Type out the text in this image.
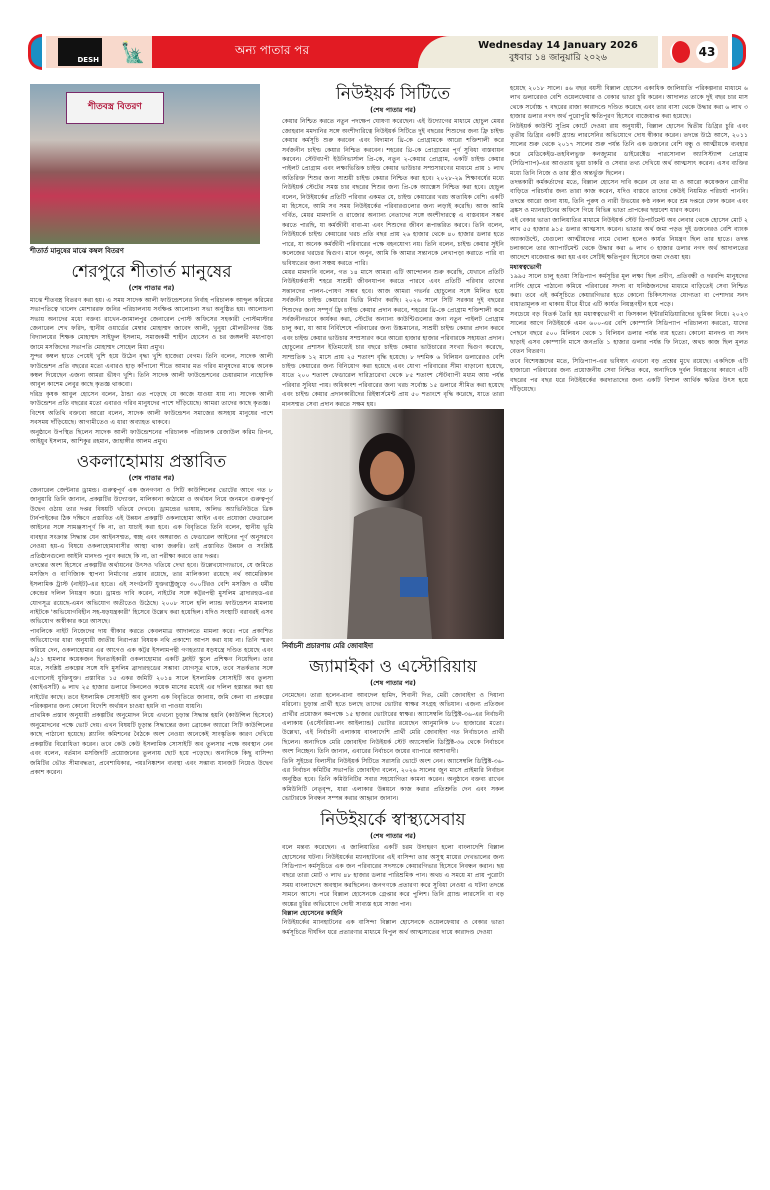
DESH 🗽	অন্য পাতার পর	Wednesday 14 January 2026
বুধবার ১৪ জানুয়ারি ২০২৬	43
শীতবস্ত্র বিতরণ
শীতার্ত মানুষের মাঝে কম্বল বিতরণ
শেরপুরে শীতার্ত মানুষের
(শেষ পাতার পর)

মাঝে শীতবস্ত্র বিতরণ করা হয়। এ সময় সাদেক আলী ফাউন্ডেশনের নির্বাহ পরিচালক আব্দুল করিমের সভাপতিত্বে খালেদ মোশাররফ জনির পরিচালনায় সংক্ষিপ্ত আলোচনা সভা অনুষ্ঠিত হয়। আলোচনা সভায় অন্যদের মধ্যে বক্তব্য রাখেন-জামালপুর জেনারেল পোস্ট অফিসের সহকারী পোস্টমাস্টার জেনারেল শেখ ফরিদ, স্থানীয় ওয়ার্ডের মেম্বার মোহাম্মদ জাবেদ আলী, খুনুয়া মৌলভীনগর উচ্চ বিদ্যালয়ের শিক্ষক মোহাম্মদ সাইফুল ইসলাম, সমাজকর্মী শাহীন হোসেন ও চর জঙ্গলদী মধ্যপাড়া জামে মসজিদের সভাপতি মোহাম্মদ সোহেল মিয়া প্রমুখ।

সুন্দর কম্বল হাতে পেয়েই খুশি হয়ে উঠেন বৃদ্ধা খুশি হাজেরা বেগম। তিনি বলেন, সাদেক আলী ফাউন্ডেশন প্রতি বছরের মতো এবারও হাড় কাঁপানো শীতে আমার মত গরিব মানুষদের মাঝে অনেক কম্বল দিয়েছেন এজন্য আমরা ভীষণ খুশি। তিনি সাদেক আলী ফাউন্ডেশনের চেয়ারম্যান নাহোদিক আবুল কাশেম লেবুর কাছে কৃতজ্ঞ থাকবো।

দরিদ্র কৃষক আবুল হোসেন বলেন, ঠান্ডা এত পড়েছে যে কাজে যাওয়া যায় না। সাদেক আলী ফাউন্ডেশন প্রতি বছরের মতো এবারও গরিব মানুষদের পাশে দাঁড়িয়েছে। আমরা তাদের কাছে কৃতজ্ঞ।

বিশেষ অতিথি বক্তব্যে আরো বলেন, সাদেক আলী ফাউন্ডেশন সমাজের অসহায় মানুষের পাশে সবসময় দাঁড়িয়েছে। আগামীতেও এ ধারা অব্যাহত থাকবে।

অনুষ্ঠানে উপস্থিত ছিলেন সাদেক আলী ফাউন্ডেশনের পরিচালক পরিচালক রেজাউল করিম রিপন, আইয়ুব ইসলাম, আশিকুর রহমান, জাহাঙ্গীর আলম প্রমুখ।

ওকলাহোমায় প্রস্তাবিত
(শেষ পাতার পর)

জেনারেল জেন্টনার ড্রামন্ড। গুরুত্বপূর্ণ এক জনগণনা ও সিটি কাউন্সিলের ভোটের আগে গত ৮ জানুয়ারি তিনি জানান, প্রকল্পটির উদ্যোক্তা, মালিকানা কাঠামো ও অর্থায়ন নিয়ে জনমনে গুরুত্বপূর্ণ উদ্বেগ ওঠায় তার দপ্তর বিষয়টি খতিয়ে দেখবে। ড্রামন্ডের ভাষায়, অলিভ অ্যাভিনিউতে ত্রিক টার্নপাইকের ঠিক দক্ষিণে প্রস্তাবিত এই উন্নয়ন প্রকল্পটি ওকলাহোমা আইন এবং প্রযোজ্য ফেডারেল আইনের সঙ্গে সামঞ্জস্যপূর্ণ কি না, তা যাচাই করা হবে। এক বিবৃতিতে তিনি বলেন, স্থানীয় ভূমি ব্যবহার সংক্রান্ত সিদ্ধান্ত যেন আইনসম্মত, স্বচ্ছ এবং অঙ্গরাজ্য ও ফেডারেল আইনের পূর্ণ অনুসরণে নেওয়া হয়-এ বিষয়ে ওকলাহোমাবাসীর আস্থা থাকা জরুরি। তাই প্রস্তাবিত উন্নয়ন ও সংশ্লিষ্ট প্রতিষ্ঠানগুলো আইনি মানদণ্ড পূরণ করছে কি না, তা পরীক্ষা করবে তার দপ্তর।

তদন্তের অংশ হিসেবে প্রকল্পটির অর্থায়নের উৎসও খতিয়ে দেখা হবে। উল্লেখযোগ্যভাবে, যে জমিতে মসজিদ ও বাণিজ্যিক স্থাপনা নির্মাণের প্রস্তাব রয়েছে, তার মালিকানা রয়েছে নর্থ আমেরিকান ইসলামিক ট্রাস্ট (নাইট)-এর হাতে। এই সংগঠনটি যুক্তরাষ্ট্রজুড়ে ৩০০টিরও বেশি মসজিদ ও ধর্মীয় কেন্দ্রের দলিল নিয়ন্ত্রণ করে। ড্রামন্ড দাবি করেন, নাইটের সঙ্গে কট্টরপন্থী মুসলিম ব্রাদারহুড-এর যোগসূত্র রয়েছে-এমন অভিযোগ অতীতেও উঠেছে। ২০০৮ সালে হলি ল্যান্ড ফাউন্ডেশন মামলায় নাইটকে 'অভিযোগবিহীন সহ-ষড়যন্ত্রকারী' হিসেবে উল্লেখ করা হয়েছিল। যদিও সংস্থাটি বরাবরই এসব অভিযোগ অস্বীকার করে আসছে।

পাবলিকে নাইট নিজেদের দায় স্বীকার করতে কেবলমাত্র আদালতে মামলা করে। পরে প্রকাশিত অভিযোগের ধারা অনুযায়ী জাতীয় নিরাপত্তা বিষয়ক নথি প্রকাশ্যে আপস করা যায় না। তিনি স্মরণ করিয়ে দেন, ওকলাহোমার এর আগেও এক কট্টর ইসলামপন্থী গণহত্যার ষড়যন্ত্রে দণ্ডিত হয়েছে এবং ৯/১১ হামলার কয়েকজন ছিনতাইকারী ওকলাহোমার একটি ফ্লাইট স্কুলে প্রশিক্ষণ নিয়েছিল। তার মতে, সংশ্লিষ্ট প্রকল্পের সঙ্গে যদি মুসলিম ব্রাদারহুডের সম্ভাব্য যোগসূত্র থাকে, তবে সতর্কতার সঙ্গে এগোনোই যুক্তিযুক্ত। প্রস্তাবিত ১৫ একর জমিটি ২০১৪ সালে ইসলামিক সোসাইটি অব তুলসা (আইএসটি) ৬ লাখ ২৫ হাজার ডলারে কিনলেও কয়েক মাসের মধ্যেই এর দলিল হস্তান্তর করা হয় নাইটের কাছে। তবে ইসলামিক সোসাইটি অব তুলসা এক বিবৃতিতে জানায়, জমি কেনা বা প্রকল্পের পরিকল্পনার জন্য কোনো বিদেশি অর্থায়ন চাওয়া হয়নি বা পাওয়া যায়নি।

প্রাথমিক প্রস্তাব অনুযায়ী প্রকল্পটির অনুমোদন নিয়ে এখনো চূড়ান্ত সিদ্ধান্ত হয়নি (কাউন্সিল হিসেবে) অনুমোদনের পক্ষে ভোট দেয়। এখন বিষয়টি চূড়ান্ত সিদ্ধান্তের জন্য ব্রোকেন অ্যারো সিটি কাউন্সিলের কাছে পাঠানো হয়েছে। প্ল্যানিং কমিশনের বৈঠকে অংশ নেওয়া অনেকেই সাংস্কৃতিক কারণ দেখিয়ে প্রকল্পটির বিরোধিতা করেন। তবে কেউ কেউ ইসলামিক সোসাইটি অব তুলসার পক্ষে অবস্থান নেন এবং বলেন, বর্তমান মসজিদটি প্রয়োজনের তুলনায় ছোট হয়ে পড়েছে। অন্যদিকে কিছু বাসিন্দা জমিটির ভৌত সীমাবদ্ধতা, প্রবেশাধিকার, পয়ঃনিষ্কাশন ব্যবস্থা এবং সম্ভাব্য যানজট নিয়েও উদ্বেগ প্রকাশ করেন।

নিউইয়র্ক সিটিতে
(শেষ পাতার পর)

কেয়ার নিশ্চিত করতে নতুন পদক্ষেপ ঘোষণা করেছেন। এই উদ্যোগের মাধ্যমে হোচুল মেয়র জোহরান মমদানির সঙ্গে অংশীদারিত্বে নিউইয়র্ক সিটিতে দুই বছরের শিশুদের জন্য ফ্রি চাইল্ড কেয়ার কর্মসূচি শুরু করবেন এবং বিদ্যমান থ্রি-কে প্রোগ্রামকে আরো শক্তিশালী করে সর্বজনীন চাইল্ড কেয়ার নিশ্চিত করবেন। শহরের থ্রি-কে প্রোগ্রামের পূর্ণ সুবিধা বাস্তবায়ন করবেন। স্টেটব্যাপী ইউনিভার্সাল প্রি-কে, নতুন ২-কেয়ার প্রোগ্রাম, একটি চাইল্ড কেয়ার পাইলট প্রোগ্রাম এবং লক্ষ্যভিত্তিক চাইল্ড কেয়ার ভাউচার সম্প্রসারণের মাধ্যমে প্রায় ১ লাখ অতিরিক্ত শিশুর জন্য সাশ্রয়ী চাইল্ড কেয়ার নিশ্চিত করা হবে। ২০২৮-২৯ শিক্ষাবর্ষের মধ্যে নিউইয়র্ক স্টেটের সমস্ত চার বছরের শিশুর জন্য প্রি-কে অ্যাক্সেস নিশ্চিত করা হবে। হোচুল বলেন, নিউইয়র্কের প্রতিটি পরিবার একমত যে, চাইল্ড কেয়ারের খরচ অত্যধিক বেশি। একটি মা হিসেবে, আমি সব সময় নিউইয়র্কের পরিবারগুলোর জন্য লড়াই করেছি। আজ আমি গর্বিত, মেয়র মামদানি ও রাজ্যের অন্যান্য নেতাদের সঙ্গে অংশীদারত্বে এ বাস্তবায়ন সম্ভব করতে পারছি, যা কর্মজীবী বাবা-মা এবং শিশুদের জীবন রূপান্তরিত করবে। তিনি বলেন, নিউইয়র্কে চাইল্ড কেয়ারের খরচ প্রতি বছর প্রায় ২৬ হাজার থেকে ৪০ হাজার ডলার হতে পারে, যা অনেক কর্মজীবী পরিবারের পক্ষে বহনযোগ্য নয়। তিনি বলেন, চাইল্ড কেয়ার সুইনি কলেজের খরচের দ্বিগুণ। মানে অনুন, আমি কি আমার সন্তানকে লেখাপড়া করাতে পারি বা ভবিষ্যতের জন্য সঞ্চয় করতে পারি।

মেয়র মামদানি বলেন, গত ১৪ মাসে আমরা এটি আন্দোলন শুরু করেছি, যেখানে প্রতিটি নিউইয়র্কবাসী শহরে সাশ্রয়ী জীবনযাপন করতে পারবে এবং প্রতিটি পরিবার তাদের সন্তানদের পালন-পোষণ সম্ভব হবে। আজ আমরা গভর্নর হোচুলের সঙ্গে মিলিত হয়ে সর্বজনীন চাইল্ড কেয়ারের ভিত্তি নির্মাণ করছি। ২০২৬ সালে সিটি সরকার দুই বছরের শিশুদের জন্য সম্পূর্ণ ফ্রি চাইল্ড কেয়ার প্রদান করবে, শহরের থ্রি-কে প্রোগ্রাম শক্তিশালী করে সর্বজনীনভাবে কার্যকর করা, স্টেটের অন্যান্য কাউন্টিগুলোর জন্য নতুন পাইলট প্রোগ্রাম চালু করা, যা আয় নির্বিশেষে পরিবারের জন্য উচ্চমানের, সাশ্রয়ী চাইল্ড কেয়ার প্রদান করবে এবং চাইল্ড কেয়ার ভাউচার সম্প্রসারণ করে আরো হাজার হাজার পরিবারকে সহায়তা প্রদান।

হোচুলের প্রশাসন ইতিমধ্যেই চার বছরে চাইল্ড কেয়ার ভাউচারের সংখ্যা দ্বিগুণ করেছে, সাম্প্রতিক ১২ মাসে প্রায় ২৫ শতাংশ বৃদ্ধি হয়েছে। ৮ দশমিক ৬ বিলিয়ন ডলারেরও বেশি চাইল্ড কেয়ারের জন্য বিনিয়োগ করা হয়েছে এবং যোগ্য পরিবারের সীমা বাড়ানো হয়েছে, যাতে ২০০ শতাংশ ফেডারেল দারিদ্র্যরেখা থেকে ৮৫ শতাংশ স্টেটব্যাপী মধ্যম আয় পর্যন্ত পরিবার সুবিধা পায়। অধিকাংশ পরিবারের জন্য খরচ সর্বোচ্চ ১৫ ডলারে সীমিত করা হয়েছে এবং চাইল্ড কেয়ার প্রদানকারীদের রিইম্বার্সমেন্ট প্রায় ৫০ শতাংশে বৃদ্ধি করেছে, যাতে তারা মানসম্মত সেবা প্রদান করতে সক্ষম হয়।

নির্বাচনী প্রচারণায় মেরি জোবাইদা
জ্যামাইকা ও এস্টোরিয়ায়
(শেষ পাতার পর)

নেমেছেন। তারা হলেন-রানা আবদেল হামিদ, শিবানী দিত, মেরী জোবাইদা ও দিয়ানা মরিনো। চূড়ান্ত প্রার্থী হতে চলছে তাদের ভোটার স্বাক্ষর সংগ্রহ অভিযান। এজন্য প্রতিজন প্রার্থীর প্রয়োজন কমপক্ষে ১৫ হাজার ভোটারের স্বাক্ষর। অ্যাসেম্বলি ডিস্ট্রিক্ট-৩৬-এর নির্বাচনী এলাকায় (এস্টোরিয়া-লং আইল্যান্ড) ভোটার রয়েছেন আনুমানিক ৮০ হাজারের মতো। উল্লেখ্য, এই নির্বাচনী এলাকায় বাংলাদেশি প্রার্থী মেরি জোবাইদা গত নির্বাচনেও প্রার্থী ছিলেন। অন্যদিকে মেরি জোবাইদা নিউইয়র্ক স্টেট অ্যাসেম্বলি ডিস্ট্রিক্ট-৩৬ থেকে নির্বাচনে অংশ নিচ্ছেন। তিনি জানান, এবারের নির্বাচনে জয়ের ব্যাপারে আশাবাদী।

তিনি সুইচের বিলাসীর নিউইয়র্ক সিটিতে সরাসরি ভোটে অংশ নেন। অ্যাসেম্বলি ডিস্ট্রিক্ট-৩৬-এর নির্বাচন কমিটির সভাপতি জোবাইদা বলেন, ২০২৬ সালের জুন মাসে প্রাইমারি নির্বাচন অনুষ্ঠিত হবে। তিনি কমিউনিটির সবার সহযোগিতা কামনা করেন। অনুষ্ঠানে বক্তব্য রাখেন কমিউনিটি নেতৃবৃন্দ, যারা এলাকার উন্নয়নে কাজ করার প্রতিশ্রুতি দেন এবং সকল ভোটারকে নিবন্ধন সম্পন্ন করার আহ্বান জানান।

নিউইয়র্কে স্বাস্থ্যসেবায়
(শেষ পাতার পর)

বলে মন্তব্য করেছেন। এ জালিয়াতির একটি চরম উদাহরণ হলো বাংলাদেশি বিল্লাল হোসেনের ঘটনা। নিউইয়র্কের ম্যানহাটনের এই বাসিন্দা তার অসুস্থ মায়ের দেখভালের জন্য সিডিপ্যাপ কর্মসূচিতে এক জন পরিবারের সদস্যকে কেয়ারগিভার হিসেবে নিবন্ধন করান। ছয় বছরে তারা মোট ৩ লাখ ৪৮ হাজার ডলার পারিশ্রমিক পান। অথচ এ সময়ে মা প্রায় পুরোটা সময় বাংলাদেশে অবস্থান করছিলেন। জনগণকে প্রতারণা করে সুবিধা নেওয়া এ ঘটনা তদন্তে সামনে আসে। পরে বিল্লাল হোসেনকে গ্রেপ্তার করে পুলিশ। তিনি গ্র্যান্ড লারসেনি বা বড় অঙ্কের চুরির অভিযোগে দোষী সাব্যস্ত হয়ে সাজা পান।

বিল্লাল হোসেনের কাহিনি

নিউইয়র্কের ম্যানহাটনের এক বাসিন্দা বিল্লাল হোসেনকে ওয়েলফেয়ার ও বেকার ভাতা কর্মসূচিতে দীর্ঘদিন ধরে প্রতারণার মাধ্যমে বিপুল অর্থ আত্মসাতের দায়ে কারাদণ্ড দেওয়া

হয়েছে ২০১৮ সালে। ৪৬ বছর বয়সী বিল্লাল হোসেন একাধিক জালিয়াতি পরিকল্পনার মাধ্যমে ৬ লাখ ডলারেরও বেশি ওয়েলফেয়ার ও বেকার ভাতা চুরি করেন। আদালত তাকে দুই বছর চার মাস থেকে সর্বোচ্চ ৭ বছরের রাজ্য কারাদণ্ডে দণ্ডিত করেছে এবং তার বাসা থেকে উদ্ধার করা ৬ লাখ ৩ হাজার ডলার নগদ অর্থ পুরোপুরি ক্ষতিপূরণ হিসেবে বাজেয়াপ্ত করা হয়েছে।

নিউইয়র্ক কাউন্টি সুপ্রিম কোর্টে দেওয়া রায় অনুযায়ী, বিল্লাল হোসেন দ্বিতীয় ডিগ্রির চুরি এবং তৃতীয় ডিগ্রির একটি গ্র্যান্ড লারসেনির অভিযোগে দোষ স্বীকার করেন। তদন্তে উঠে আসে, ২০১১ সালের শুরু থেকে ২০১৭ সালের শুরু পর্যন্ত তিনি এক ডজনের বেশি বন্ধু ও আত্মীয়কে ব্যবহার করে মেডিকেইড-তহবিলভুক্ত কনজ্যুমার ডাইরেক্টেড পারসোনাল অ্যাসিস্ট্যান্স প্রোগ্রাম (সিডিপ্যাপ)-এর আওতায় ভুয়া চাকরি ও সেবার তথ্য দেখিয়ে অর্থ আত্মসাৎ করেন। এসব ব্যক্তির মধ্যে তিনি নিজে ও তার স্ত্রীও অন্তর্ভুক্ত ছিলেন।

তদন্তকারী কর্মকর্তাদের মতে, বিল্লাল হোসেন দাবি করেন যে তার মা ও আরো কয়েকজন রোগীর বাড়িতে পরিচর্যার জন্য তারা কাজ করেন, যদিও বাস্তবে তাদের কেউই নিয়মিত পরিচর্যা পাননি। তদন্তে আরো জানা যায়, তিনি পুরুষ ও নারী উভয়ের কণ্ঠ নকল করে শ্রম দপ্তরে ফোন করেন এবং ব্রঙ্কস ও ম্যানহাটনের অফিসে গিয়ে বিভিন্ন ভাতা প্রাপকের ছদ্মবেশ ধারণ করেন।

এই বেকার ভাতা জালিয়াতির মাধ্যমে নিউইয়র্ক স্টেট ডিপার্টমেন্ট অব লেবার থেকে হোসেন মোট ২ লাখ ৫৫ হাজার ৯১৫ ডলার আত্মসাৎ করেন। ভাতার অর্থ জমা পড়ত দুই ডজনেরও বেশি ব্যাংক অ্যাকাউন্টে, যেগুলো আত্মীয়দের নামে খোলা হলেও কার্যত নিয়ন্ত্রণ ছিল তার হাতে। তদন্ত চলাকালে তার অ্যাপার্টমেন্ট থেকে উদ্ধার করা ৬ লাখ ৩ হাজার ডলার নগদ অর্থ আদালতের আদেশে বাজেয়াপ্ত করা হয় এবং সেটিই ক্ষতিপূরণ হিসেবে জমা দেওয়া হয়।

মধ্যস্বত্বভোগী

১৯৯৫ সালে চালু হওয়া সিডিপ্যাপ কর্মসূচির মূল লক্ষ্য ছিল প্রবীণ, প্রতিবন্ধী ও দরবন্দি মানুষদের নার্সিং হোমে পাঠানো কমিয়ে পরিবারের সদস্য বা ঘনিষ্ঠজনদের মাধ্যমে বাড়িতেই সেবা নিশ্চিত করা। তবে এই কর্মসূচিতে কেয়ারগিভার হতে কোনো চিকিৎসাগত যোগ্যতা বা পেশাদার সনদ বাধ্যতামূলক না থাকায় ধীরে ধীরে এটি কার্যত নিয়ন্ত্রণহীন হয়ে পড়ে।

সবচেয়ে বড় বিতর্ক তৈরি হয় মধ্যস্বত্বভোগী বা ফিসকাল ইন্টারমিডিয়ারিদের ভূমিকা নিয়ে। ২০২৩ সালের আগে নিউইয়র্কে এমন ৬০০-এর বেশি কোম্পানি সিডিপ্যাপ পরিচালনা করতো, যাদের পেছনে বছরে ৫০০ মিলিয়ন থেকে ১ বিলিয়ন ডলার পর্যন্ত ব্যয় হতো। কোনো মানদণ্ড বা সনদ ছাড়াই এসব কোম্পানি মাসে জনপ্রতি ১ হাজার ডলার পর্যন্ত ফি নিতো, অথচ কাজ ছিল মূলত বেতন বিতরণ।

তবে বিশেষজ্ঞদের মতে, সিডিপ্যাপ-এর ভবিষ্যৎ এখনো বড় প্রশ্নের মুখে রয়েছে। একদিকে এটি হাজারো পরিবারের জন্য প্রয়োজনীয় সেবা নিশ্চিত করে, অন্যদিকে দুর্বল নিয়ন্ত্রণের কারণে এটি বছরের পর বছর ধরে নিউইয়র্কের করদাতাদের জন্য একটি বিশাল আর্থিক ক্ষতির উৎস হয়ে দাঁড়িয়েছে।
